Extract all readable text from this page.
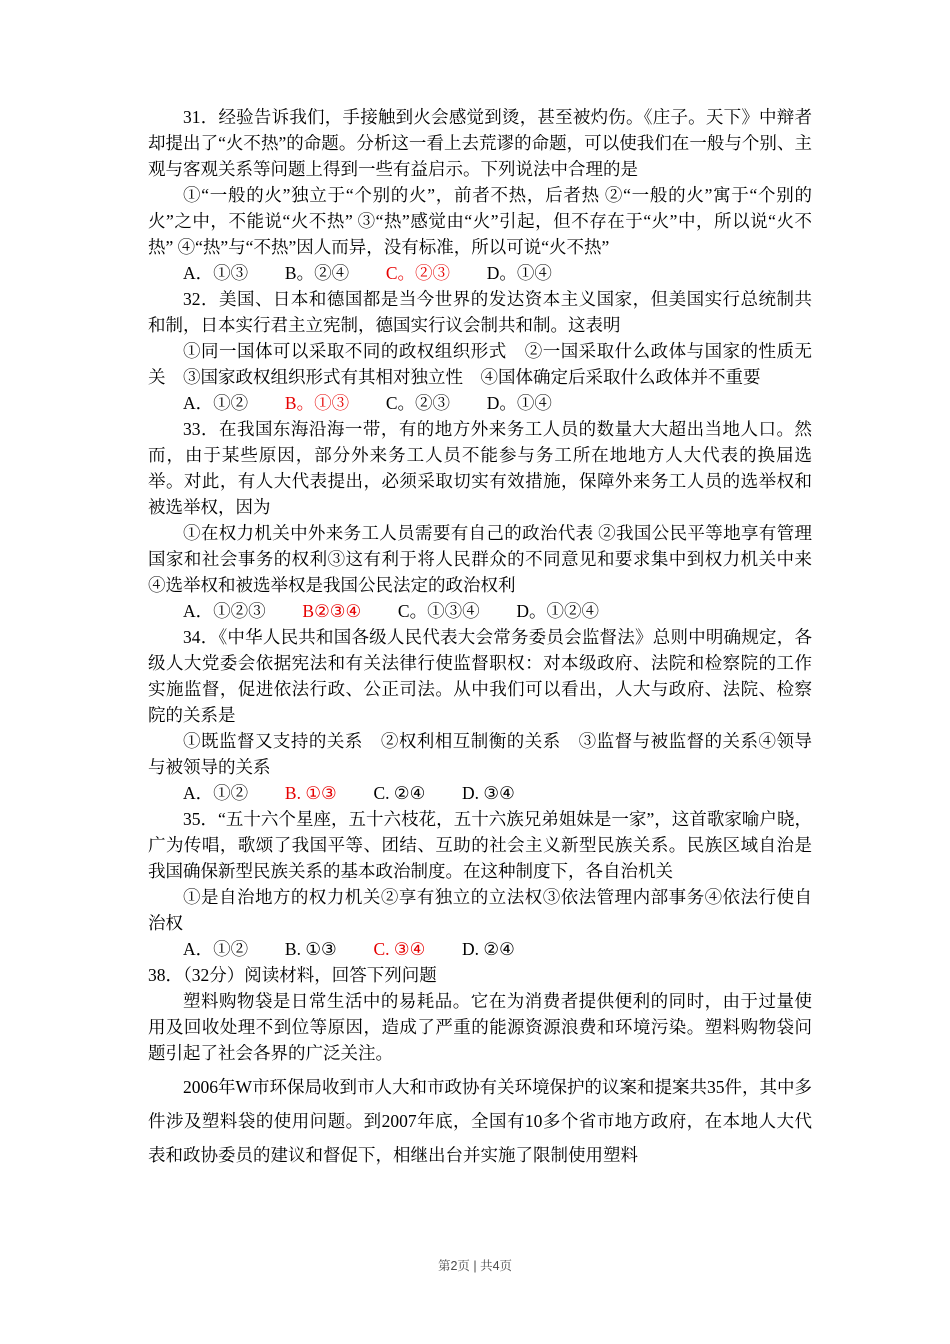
31．经验告诉我们，手接触到火会感觉到烫，甚至被灼伤。《庄子。天下》中辩者却提出了“火不热”的命题。分析这一看上去荒谬的命题，可以使我们在一般与个别、主观与客观关系等问题上得到一些有益启示。下列说法中合理的是

①“一般的火”独立于“个别的火”，前者不热，后者热 ②“一般的火”寓于“个别的火”之中，不能说“火不热” ③“热”感觉由“火”引起，但不存在于“火”中，所以说“火不热” ④“热”与“不热”因人而异，没有标准，所以可说“火不热”

A．①③ B。②④ C。②③ D。①④

32．美国、日本和德国都是当今世界的发达资本主义国家，但美国实行总统制共和制，日本实行君主立宪制，德国实行议会制共和制。这表明

①同一国体可以采取不同的政权组织形式　②一国采取什么政体与国家的性质无关　③国家政权组织形式有其相对独立性　④国体确定后采取什么政体并不重要

A．①② B。①③ C。②③ D。①④

33．在我国东海沿海一带，有的地方外来务工人员的数量大大超出当地人口。然而，由于某些原因，部分外来务工人员不能参与务工所在地地方人大代表的换届选举。对此，有人大代表提出，必须采取切实有效措施，保障外来务工人员的选举权和被选举权，因为

①在权力机关中外来务工人员需要有自己的政治代表 ②我国公民平等地享有管理国家和社会事务的权利③这有利于将人民群众的不同意见和要求集中到权力机关中来④选举权和被选举权是我国公民法定的政治权利

A．①②③ B②③④ C。①③④ D。①②④

34．《中华人民共和国各级人民代表大会常务委员会监督法》总则中明确规定，各级人大党委会依据宪法和有关法律行使监督职权：对本级政府、法院和检察院的工作实施监督，促进依法行政、公正司法。从中我们可以看出，人大与政府、法院、检察院的关系是

①既监督又支持的关系　②权利相互制衡的关系　③监督与被监督的关系④领导与被领导的关系

A．①② B. ①③ C. ②④ D. ③④

35．“五十六个星座，五十六枝花，五十六族兄弟姐妹是一家”，这首歌家喻户晓，广为传唱，歌颂了我国平等、团结、互助的社会主义新型民族关系。民族区域自治是我国确保新型民族关系的基本政治制度。在这种制度下，各自治机关

①是自治地方的权力机关②享有独立的立法权③依法管理内部事务④依法行使自治权

A．①② B. ①③ C. ③④ D. ②④

38．（32分）阅读材料，回答下列问题

塑料购物袋是日常生活中的易耗品。它在为消费者提供便利的同时，由于过量使用及回收处理不到位等原因，造成了严重的能源资源浪费和环境污染。塑料购物袋问题引起了社会各界的广泛关注。

2006年W市环保局收到市人大和市政协有关环境保护的议案和提案共35件，其中多件涉及塑料袋的使用问题。到2007年底，全国有10多个省市地方政府，在本地人大代表和政协委员的建议和督促下，相继出台并实施了限制使用塑料

第2页 | 共4页
